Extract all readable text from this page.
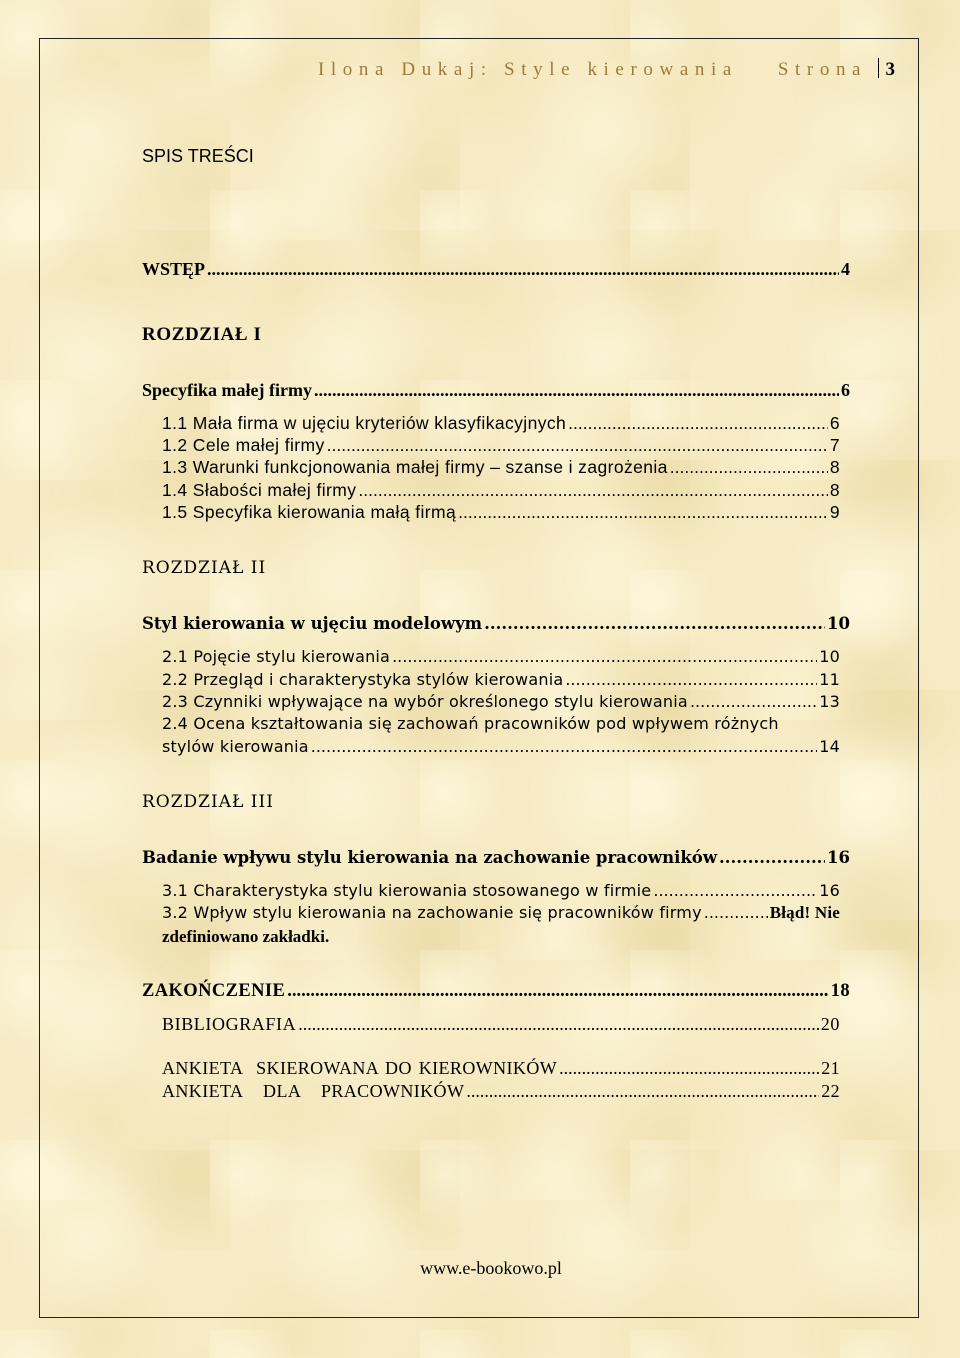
Ilona Dukaj: Style kierowania Strona 3
SPIS TREŚCI
WSTĘP .....	4
ROZDZIAŁ I
Specyfika małej firmy .....	6
1.1 Mała firma w ujęciu kryteriów klasyfikacyjnych .....	6
1.2 Cele małej firmy .....	7
1.3 Warunki funkcjonowania małej firmy – szanse i zagrożenia .....	8
1.4 Słabości małej firmy .....	8
1.5 Specyfika kierowania małą firmą .....	9
ROZDZIAŁ II
Styl kierowania w ujęciu modelowym .....	10
2.1 Pojęcie stylu kierowania .....	10
2.2 Przegląd i charakterystyka stylów kierowania .....	11
2.3 Czynniki wpływające na wybór określonego stylu kierowania .....	13
2.4 Ocena kształtowania się zachowań pracowników pod wpływem różnych
stylów kierowania .....	14
ROZDZIAŁ III
Badanie wpływu stylu kierowania na zachowanie pracowników .....	16
3.1 Charakterystyka stylu kierowania stosowanego w firmie .....	16
3.2 Wpływ stylu kierowania na zachowanie się pracowników firmy .....	Błąd! Nie
zdefiniowano zakładki.
ZAKOŃCZENIE .....	18
BIBLIOGRAFIA .....	20
ANKIETA  SKIEROWANA DO KIEROWNIKÓW .....	21
ANKIETA   DLA   PRACOWNIKÓW .....	22
www.e-bookowo.pl
